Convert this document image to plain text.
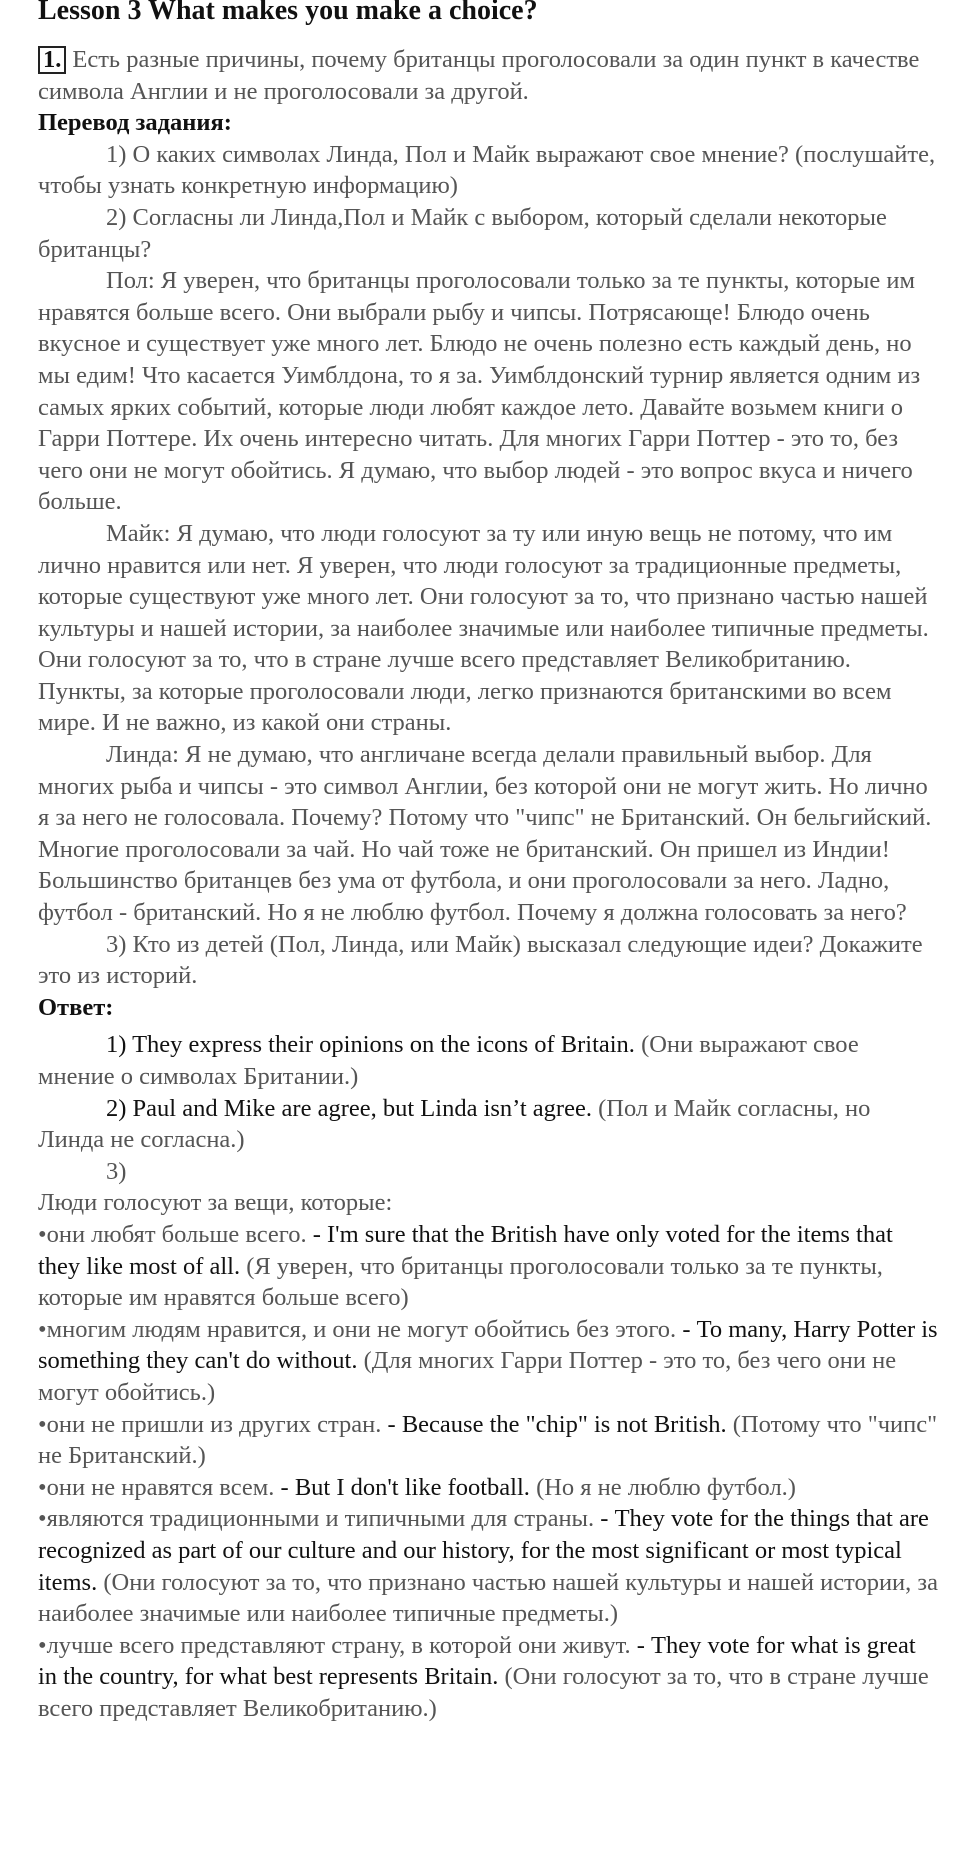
Lesson 3 What makes you make a choice?

1. Есть разные причины, почему британцы проголосовали за один пункт в качестве символа Англии и не проголосовали за другой.

Перевод задания:

1) О каких символах Линда, Пол и Майк выражают свое мнение? (послушайте, чтобы узнать конкретную информацию)

2) Согласны ли Линда,Пол и Майк с выбором, который сделали некоторые британцы?

Пол: Я уверен, что британцы проголосовали только за те пункты, которые им нравятся больше всего. Они выбрали рыбу и чипсы. Потрясающе! Блюдо очень вкусное и существует уже много лет. Блюдо не очень полезно есть каждый день, но мы едим! Что касается Уимблдона, то я за. Уимблдонский турнир является одним из самых ярких событий, которые люди любят каждое лето. Давайте возьмем книги о Гарри Поттере. Их очень интересно читать. Для многих Гарри Поттер - это то, без чего они не могут обойтись. Я думаю, что выбор людей - это вопрос вкуса и ничего больше.

Майк: Я думаю, что люди голосуют за ту или иную вещь не потому, что им лично нравится или нет. Я уверен, что люди голосуют за традиционные предметы, которые существуют уже много лет. Они голосуют за то, что признано частью нашей культуры и нашей истории, за наиболее значимые или наиболее типичные предметы. Они голосуют за то, что в стране лучше всего представляет Великобританию. Пункты, за которые проголосовали люди, легко признаются британскими во всем мире. И не важно, из какой они страны.

Линда: Я не думаю, что англичане всегда делали правильный выбор. Для многих рыба и чипсы - это символ Англии, без которой они не могут жить. Но лично я за него не голосовала. Почему? Потому что "чипс" не Британский. Он бельгийский. Многие проголосовали за чай. Но чай тоже не британский. Он пришел из Индии! Большинство британцев без ума от футбола, и они проголосовали за него. Ладно, футбол - британский. Но я не люблю футбол. Почему я должна голосовать за него?

3) Кто из детей (Пол, Линда, или Майк) высказал следующие идеи? Докажите это из историй.

Ответ:

1) They express their opinions on the icons of Britain. (Они выражают свое мнение о символах Британии.)

2) Paul and Mike are agree, but Linda isn’t agree. (Пол и Майк согласны, но Линда не согласна.)

3)

Люди голосуют за вещи, которые:

• они любят больше всего. - I'm sure that the British have only voted for the items that they like most of all. (Я уверен, что британцы проголосовали только за те пункты, которые им нравятся больше всего)

• многим людям нравится, и они не могут обойтись без этого. - To many, Harry Potter is something they can't do without. (Для многих Гарри Поттер - это то, без чего они не могут обойтись.)

• они не пришли из других стран. - Because the "chip" is not British. (Потому что "чипс" не Британский.)

• они не нравятся всем. - But I don't like football. (Но я не люблю футбол.)

• являются традиционными и типичными для страны. - They vote for the things that are recognized as part of our culture and our history, for the most significant or most typical items. (Они голосуют за то, что признано частью нашей культуры и нашей истории, за наиболее значимые или наиболее типичные предметы.)

• лучше всего представляют страну, в которой они живут. - They vote for what is great in the country, for what best represents Britain. (Они голосуют за то, что в стране лучше всего представляет Великобританию.)
